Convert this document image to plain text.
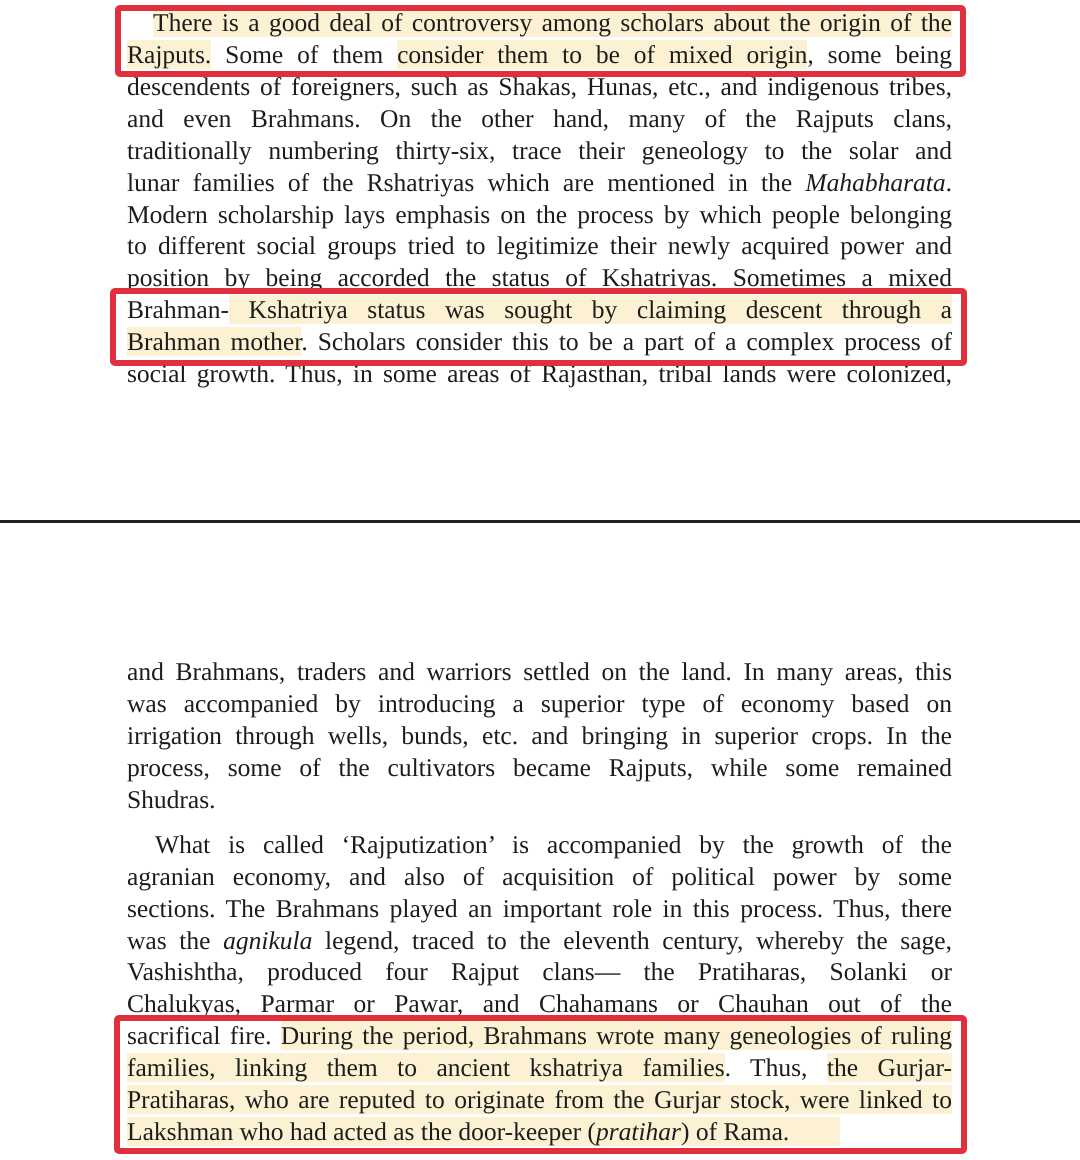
There is a good deal of controversy among scholars about the origin of the
Rajputs. Some of them consider them to be of mixed origin, some being
descendents of foreigners, such as Shakas, Hunas, etc., and indigenous tribes,
and even Brahmans. On the other hand, many of the Rajputs clans,
traditionally numbering thirty-six, trace their geneology to the solar and
lunar families of the Rshatriyas which are mentioned in the Mahabharata.
Modern scholarship lays emphasis on the process by which people belonging
to different social groups tried to legitimize their newly acquired power and
position by being accorded the status of Kshatriyas. Sometimes a mixed
Brahman- Kshatriya status was sought by claiming descent through a
Brahman mother. Scholars consider this to be a part of a complex process of
social growth. Thus, in some areas of Rajasthan, tribal lands were colonized,
and Brahmans, traders and warriors settled on the land. In many areas, this
was accompanied by introducing a superior type of economy based on
irrigation through wells, bunds, etc. and bringing in superior crops. In the
process, some of the cultivators became Rajputs, while some remained
Shudras.
What is called ‘Rajputization’ is accompanied by the growth of the
agranian economy, and also of acquisition of political power by some
sections. The Brahmans played an important role in this process. Thus, there
was the agnikula legend, traced to the eleventh century, whereby the sage,
Vashishtha, produced four Rajput clans— the Pratiharas, Solanki or
Chalukyas, Parmar or Pawar, and Chahamans or Chauhan out of the
sacrifical fire. During the period, Brahmans wrote many geneologies of ruling
families, linking them to ancient kshatriya families. Thus, the Gurjar-
Pratiharas, who are reputed to originate from the Gurjar stock, were linked to
Lakshman who had acted as the door-keeper (pratihar) of Rama.  
